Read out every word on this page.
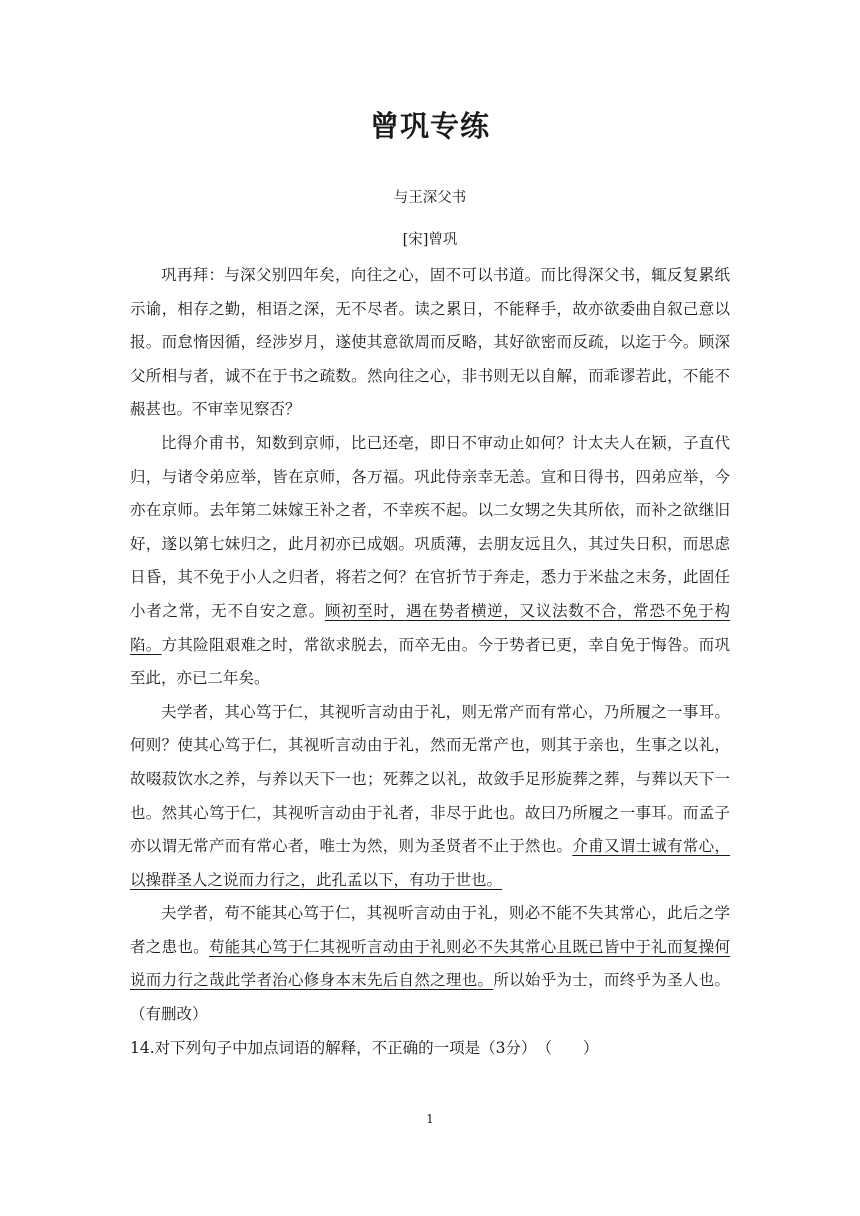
曾巩专练
与王深父书
[宋]曾巩

巩再拜：与深父别四年矣，向往之心，固不可以书道。而比得深父书，辄反复累纸示谕，相存之勤，相语之深，无不尽者。读之累日，不能释手，故亦欲委曲自叙己意以报。而怠惰因循，经涉岁月，遂使其意欲周而反略，其好欲密而反疏，以迄于今。顾深父所相与者，诚不在于书之疏数。然向往之心，非书则无以自解，而乖谬若此，不能不赧甚也。不审幸见察否？

比得介甫书，知数到京师，比已还亳，即日不审动止如何？计太夫人在颖，子直代归，与诸令弟应举，皆在京师，各万福。巩此侍亲幸无恙。宣和日得书，四弟应举，今亦在京师。去年第二妹嫁王补之者，不幸疾不起。以二女甥之失其所依，而补之欲继旧好，遂以第七妹归之，此月初亦已成姻。巩质薄，去朋友远且久，其过失日积，而思虑日昏，其不免于小人之归者，将若之何？在官折节于奔走，悉力于米盐之末务，此固任小者之常，无不自安之意。顾初至时，遇在势者横逆，又议法数不合，常恐不免于构陷。方其险阻艰难之时，常欲求脱去，而卒无由。今于势者已更，幸自免于悔咎。而巩至此，亦已二年矣。

夫学者，其心笃于仁，其视听言动由于礼，则无常产而有常心，乃所履之一事耳。何则？使其心笃于仁，其视听言动由于礼，然而无常产也，则其于亲也，生事之以礼，故啜菽饮水之养，与养以天下一也；死葬之以礼，故敛手足形旋葬之葬，与葬以天下一也。然其心笃于仁，其视听言动由于礼者，非尽于此也。故曰乃所履之一事耳。而孟子亦以谓无常产而有常心者，唯士为然，则为圣贤者不止于然也。介甫又谓士诚有常心，以操群圣人之说而力行之，此孔孟以下，有功于世也。

夫学者，苟不能其心笃于仁，其视听言动由于礼，则必不能不失其常心，此后之学者之患也。苟能其心笃于仁其视听言动由于礼则必不失其常心且既已皆中于礼而复操何说而力行之哉此学者治心修身本末先后自然之理也。所以始乎为士，而终乎为圣人也。（有删改）

14.对下列句子中加点词语的解释，不正确的一项是（3分）　（　　）

1
